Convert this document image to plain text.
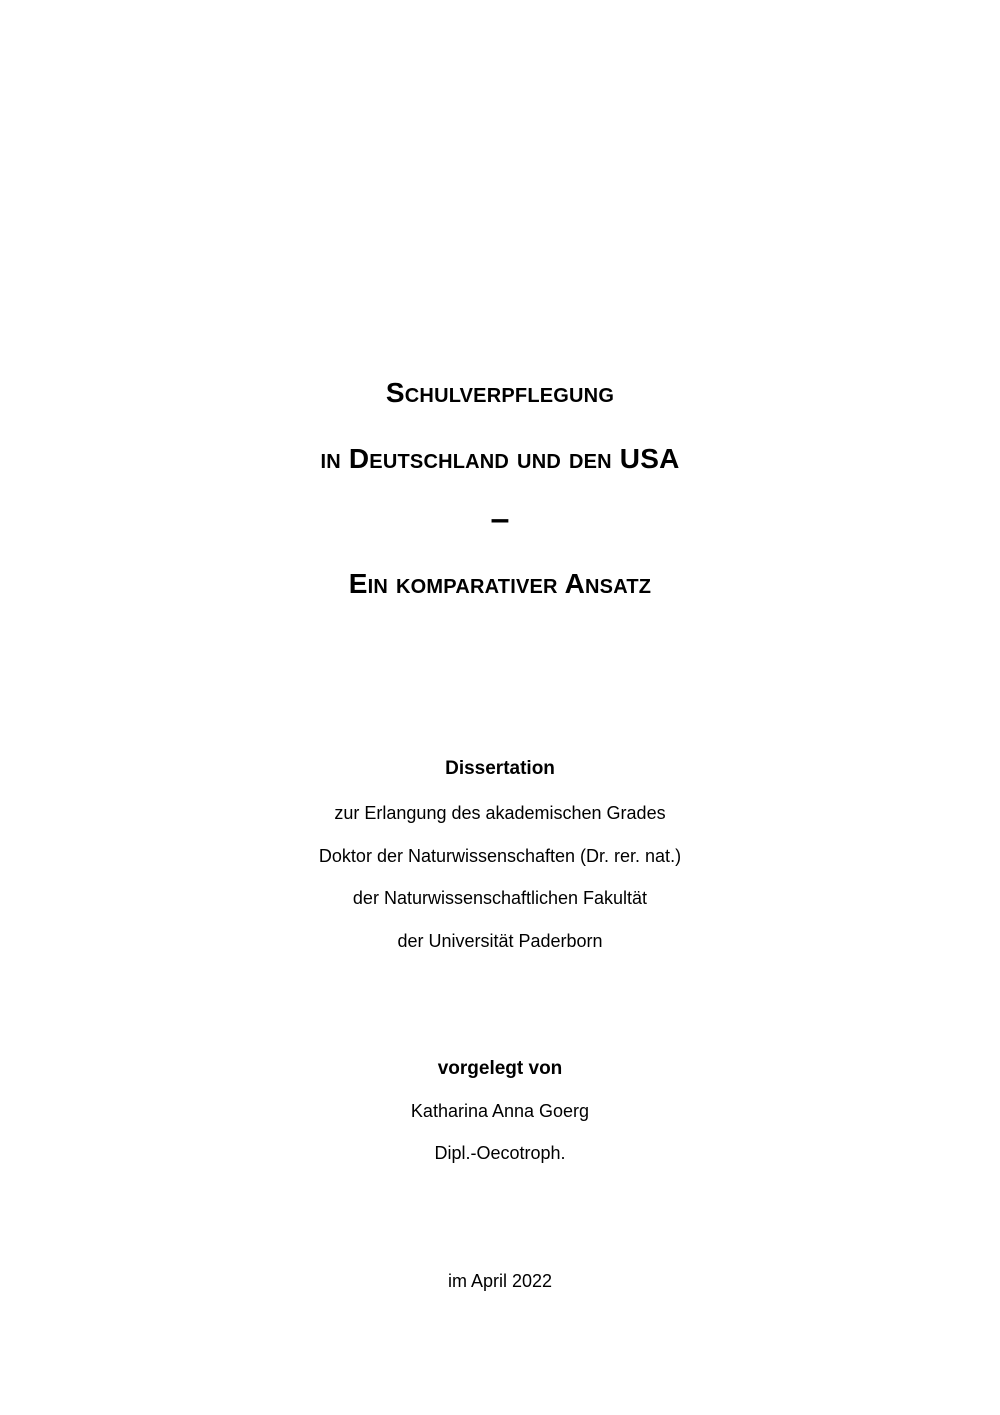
Schulverpflegung
in Deutschland und den USA
–
Ein komparativer Ansatz
Dissertation
zur Erlangung des akademischen Grades
Doktor der Naturwissenschaften (Dr. rer. nat.)
der Naturwissenschaftlichen Fakultät
der Universität Paderborn
vorgelegt von
Katharina Anna Goerg
Dipl.-Oecotroph.
im April 2022
